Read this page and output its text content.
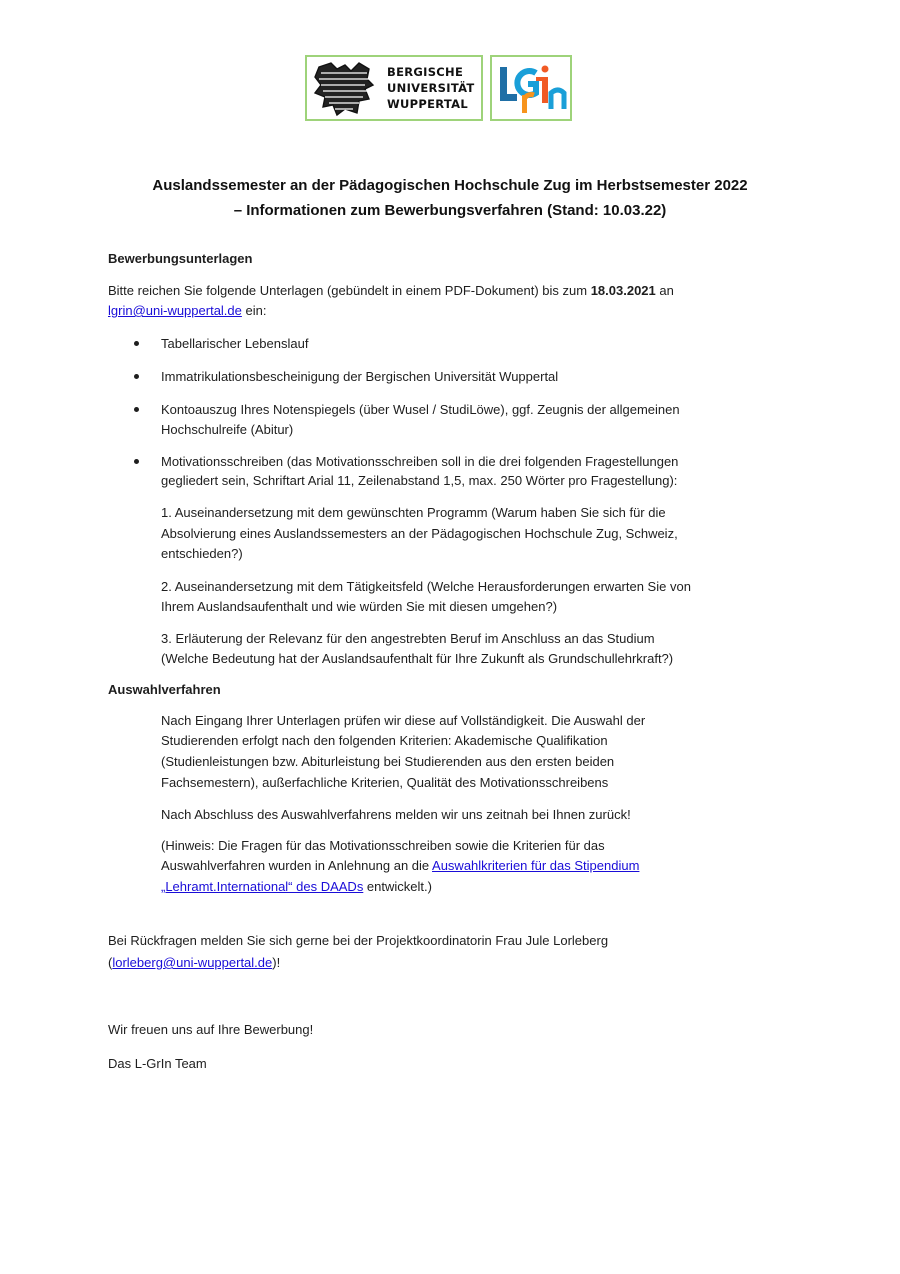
BERGISCHE
UNIVERSITÄT
WUPPERTAL
Auslandssemester an der Pädagogischen Hochschule Zug im Herbstsemester 2022
– Informationen zum Bewerbungsverfahren (Stand: 10.03.22)
Bewerbungsunterlagen
Bitte reichen Sie folgende Unterlagen (gebündelt in einem PDF-Dokument) bis zum 18.03.2021 an
lgrin@uni-wuppertal.de ein:
Tabellarischer Lebenslauf
Immatrikulationsbescheinigung der Bergischen Universität Wuppertal
Kontoauszug Ihres Notenspiegels (über Wusel / StudiLöwe), ggf. Zeugnis der allgemeinen
Hochschulreife (Abitur)
Motivationsschreiben (das Motivationsschreiben soll in die drei folgenden Fragestellungen
gegliedert sein, Schriftart Arial 11, Zeilenabstand 1,5, max. 250 Wörter pro Fragestellung):
1. Auseinandersetzung mit dem gewünschten Programm (Warum haben Sie sich für die
Absolvierung eines Auslandssemesters an der Pädagogischen Hochschule Zug, Schweiz,
entschieden?)
2. Auseinandersetzung mit dem Tätigkeitsfeld (Welche Herausforderungen erwarten Sie von
Ihrem Auslandsaufenthalt und wie würden Sie mit diesen umgehen?)
3. Erläuterung der Relevanz für den angestrebten Beruf im Anschluss an das Studium
(Welche Bedeutung hat der Auslandsaufenthalt für Ihre Zukunft als Grundschullehrkraft?)
Auswahlverfahren
Nach Eingang Ihrer Unterlagen prüfen wir diese auf Vollständigkeit. Die Auswahl der
Studierenden erfolgt nach den folgenden Kriterien: Akademische Qualifikation
(Studienleistungen bzw. Abiturleistung bei Studierenden aus den ersten beiden
Fachsemestern), außerfachliche Kriterien, Qualität des Motivationsschreibens
Nach Abschluss des Auswahlverfahrens melden wir uns zeitnah bei Ihnen zurück!
(Hinweis: Die Fragen für das Motivationsschreiben sowie die Kriterien für das
Auswahlverfahren wurden in Anlehnung an die Auswahlkriterien für das Stipendium
„Lehramt.International“ des DAADs entwickelt.)
Bei Rückfragen melden Sie sich gerne bei der Projektkoordinatorin Frau Jule Lorleberg
(lorleberg@uni-wuppertal.de)!
Wir freuen uns auf Ihre Bewerbung!
Das L-GrIn Team
